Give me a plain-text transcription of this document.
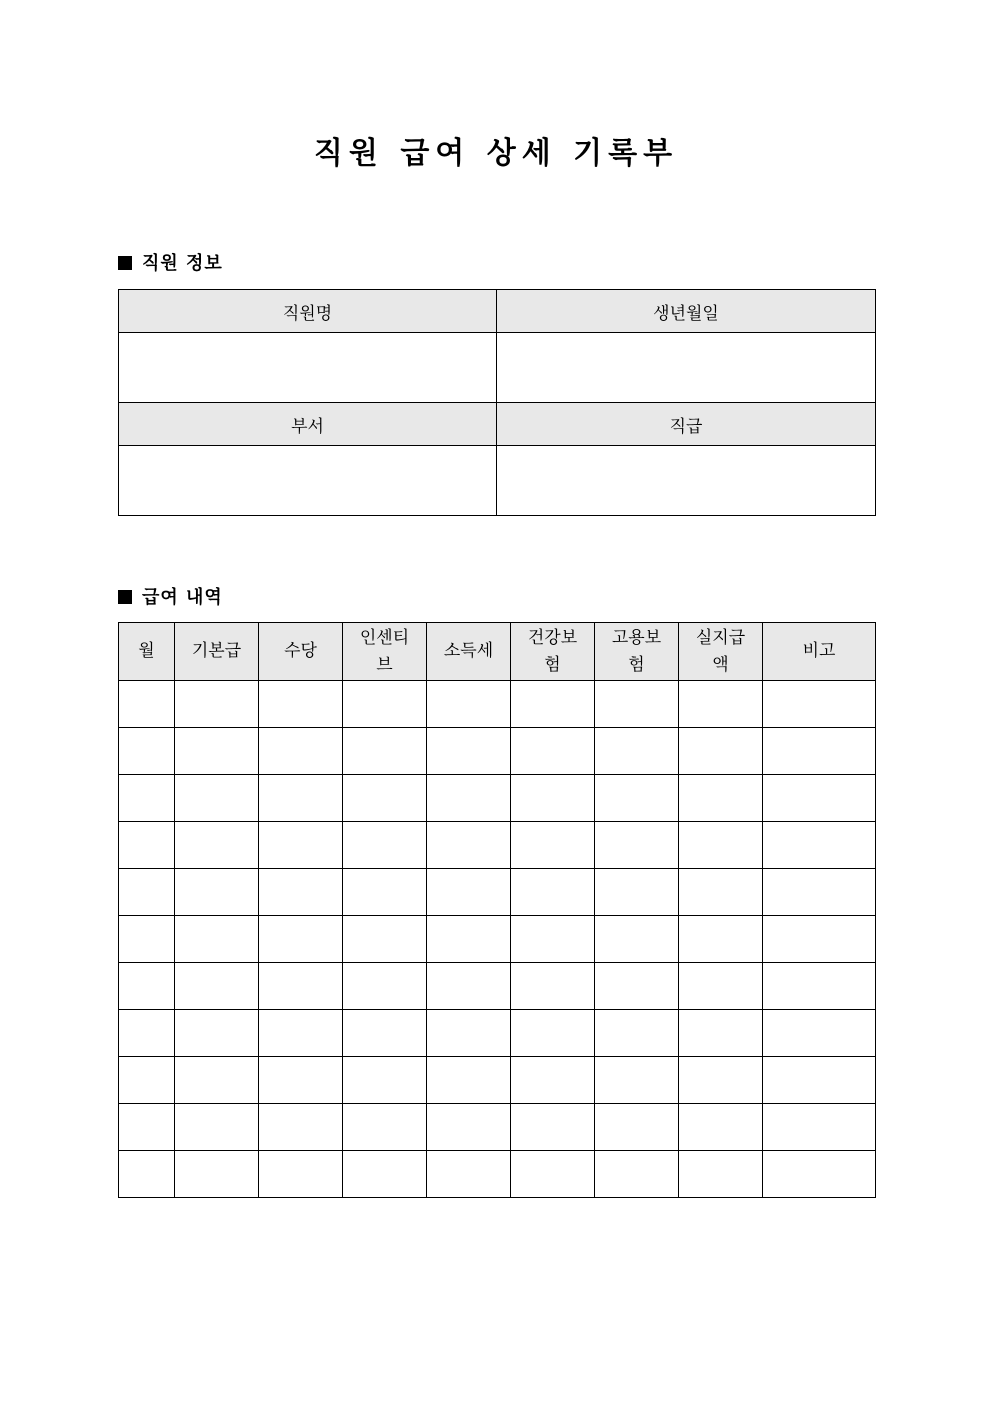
직원 급여 상세 기록부
직원 정보
직원명	생년월일

부서	직급

급여 내역
월	기본급	수당	인센티브	소득세	건강보험	고용보험	실지급액	비고
